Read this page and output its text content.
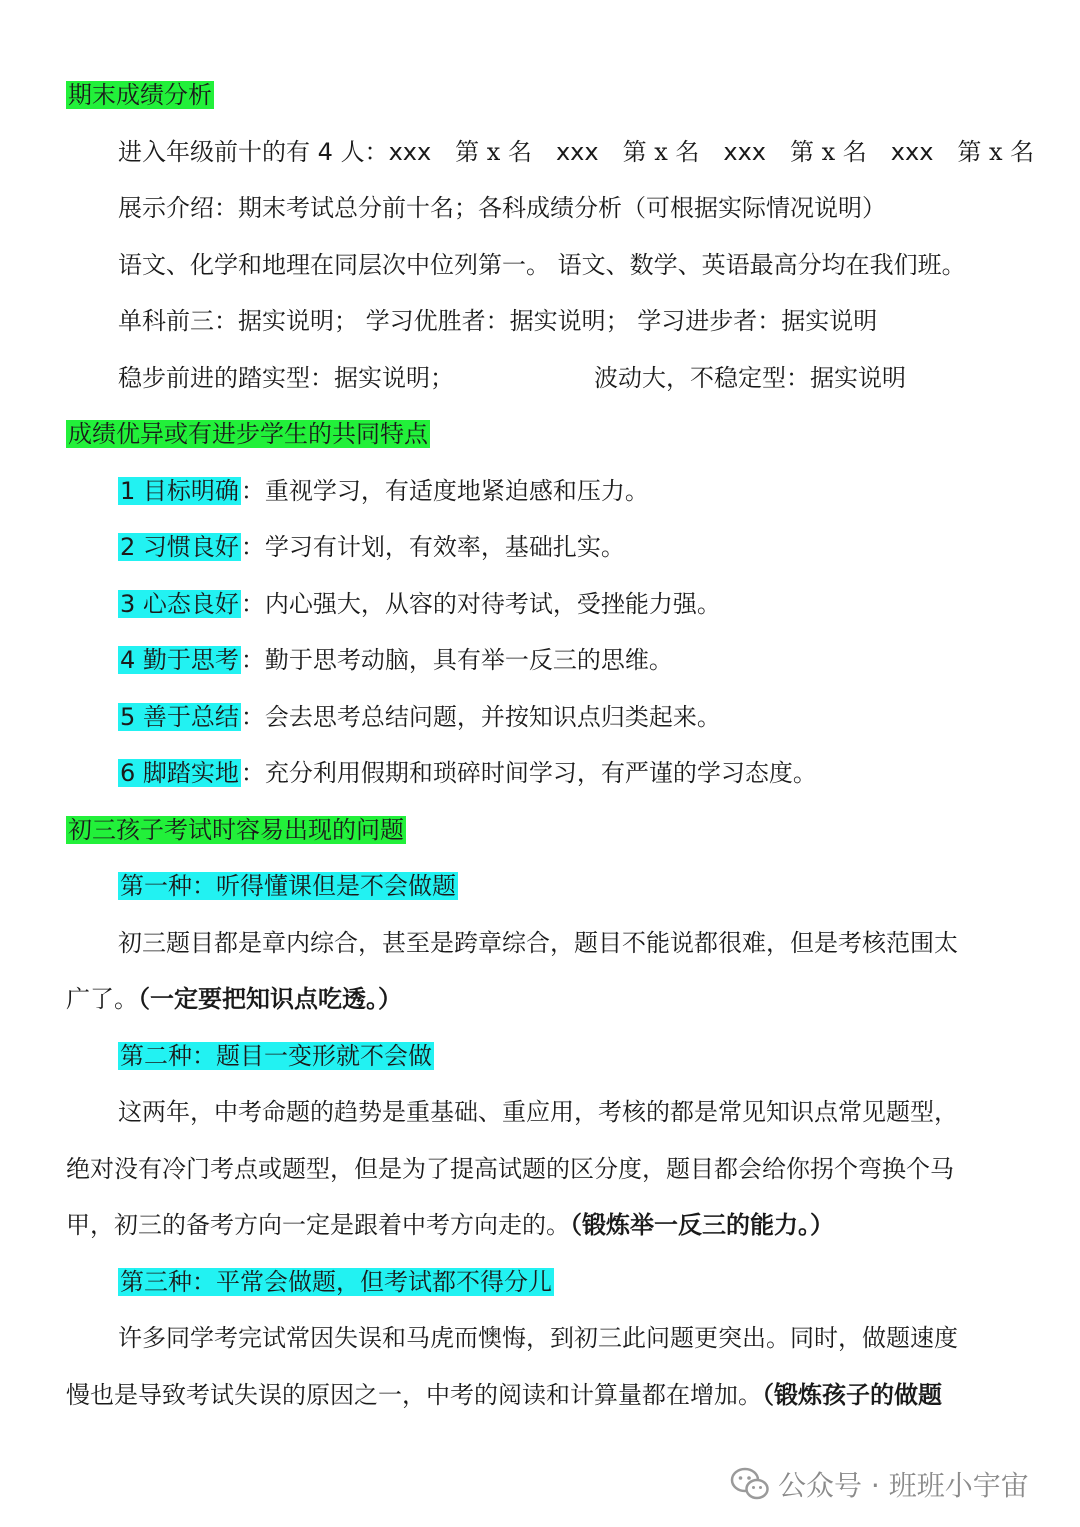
期末成绩分析
进入年级前十的有 4 人：xxx 第 x 名 xxx 第 x 名 xxx 第 x 名 xxx 第 x 名
展示介绍：期末考试总分前十名；各科成绩分析（可根据实际情况说明）
语文、化学和地理在同层次中位列第一。 语文、数学、英语最高分均在我们班。
单科前三：据实说明； 学习优胜者：据实说明； 学习进步者：据实说明
稳步前进的踏实型：据实说明；	波动大，不稳定型：据实说明
成绩优异或有进步学生的共同特点
1 目标明确：重视学习，有适度地紧迫感和压力。
2 习惯良好：学习有计划，有效率，基础扎实。
3 心态良好：内心强大，从容的对待考试，受挫能力强。
4 勤于思考：勤于思考动脑，具有举一反三的思维。
5 善于总结：会去思考总结问题，并按知识点归类起来。
6 脚踏实地：充分利用假期和琐碎时间学习，有严谨的学习态度。
初三孩子考试时容易出现的问题
第一种：听得懂课但是不会做题
初三题目都是章内综合，甚至是跨章综合，题目不能说都很难，但是考核范围太
广了。（一定要把知识点吃透。）
第二种：题目一变形就不会做
这两年，中考命题的趋势是重基础、重应用，考核的都是常见知识点常见题型，
绝对没有冷门考点或题型，但是为了提高试题的区分度，题目都会给你拐个弯换个马
甲，初三的备考方向一定是跟着中考方向走的。（锻炼举一反三的能力。）
第三种：平常会做题，但考试都不得分儿
许多同学考完试常因失误和马虎而懊悔，到初三此问题更突出。同时，做题速度
慢也是导致考试失误的原因之一，中考的阅读和计算量都在增加。（锻炼孩子的做题
公众号 · 班班小宇宙
